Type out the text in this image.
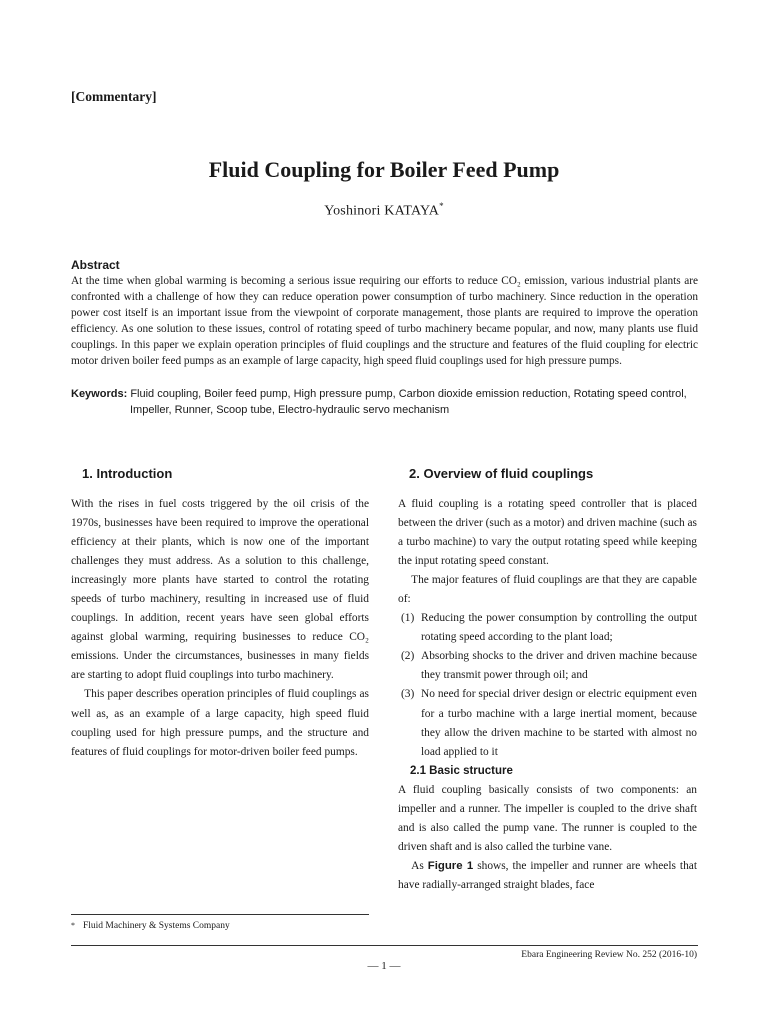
[Commentary]
Fluid Coupling for Boiler Feed Pump
Yoshinori KATAYA*
Abstract
At the time when global warming is becoming a serious issue requiring our efforts to reduce CO₂ emission, various industrial plants are confronted with a challenge of how they can reduce operation power consumption of turbo machinery. Since reduction in the operation power cost itself is an important issue from the viewpoint of corporate management, those plants are required to improve the operation efficiency. As one solution to these issues, control of rotating speed of turbo machinery became popular, and now, many plants use fluid couplings. In this paper we explain operation principles of fluid couplings and the structure and features of the fluid coupling for electric motor driven boiler feed pumps as an example of large capacity, high speed fluid couplings used for high pressure pumps.
Keywords: Fluid coupling, Boiler feed pump, High pressure pump, Carbon dioxide emission reduction, Rotating speed control,
Impeller, Runner, Scoop tube, Electro-hydraulic servo mechanism
1. Introduction	2. Overview of fluid couplings

With the rises in fuel costs triggered by the oil crisis of the 1970s, businesses have been required to improve the operational efficiency at their plants, which is now one of the important challenges they must address. As a solution to this challenge, increasingly more plants have started to control the rotating speeds of turbo machinery, resulting in increased use of fluid couplings. In addition, recent years have seen global efforts against global warming, requiring businesses to reduce CO₂ emissions. Under the circumstances, businesses in many fields are starting to adopt fluid couplings into turbo machinery.

This paper describes operation principles of fluid couplings as well as, as an example of a large capacity, high speed fluid coupling used for high pressure pumps, and the structure and features of fluid couplings for motor-driven boiler feed pumps.

A fluid coupling is a rotating speed controller that is placed between the driver (such as a motor) and driven machine (such as a turbo machine) to vary the output rotating speed while keeping the input rotating speed constant.

The major features of fluid couplings are that they are capable of:

(1) Reducing the power consumption by controlling the output rotating speed according to the plant load;
(2) Absorbing shocks to the driver and driven machine because they transmit power through oil; and
(3) No need for special driver design or electric equipment even for a turbo machine with a large inertial moment, because they allow the driven machine to be started with almost no load applied to it
2.1 Basic structure

A fluid coupling basically consists of two components: an impeller and a runner. The impeller is coupled to the drive shaft and is also called the pump vane. The runner is coupled to the driven shaft and is also called the turbine vane.

As Figure 1 shows, the impeller and runner are wheels that have radially-arranged straight blades, face

* Fluid Machinery & Systems Company
Ebara Engineering Review No. 252 (2016-10)
— 1 —
